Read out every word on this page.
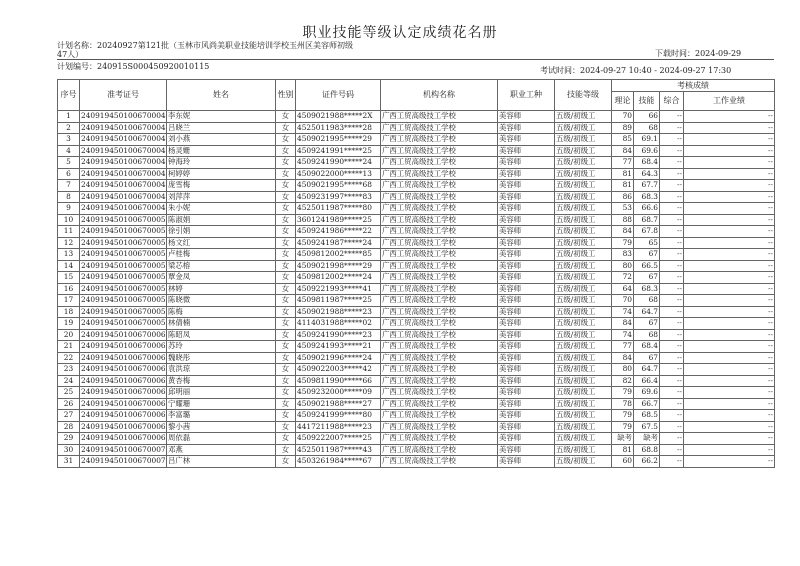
职业技能等级认定成绩花名册
计划名称：20240927第121批（玉林市风尚美职业技能培训学校玉州区美容师初级
47人）	下载时间：2024-09-29
计划编号：240915S000450920010115	考试时间：2024-09-27 10:40 - 2024-09-27 17:30
序号	准考证号	姓名	性别	证件号码	机构名称	职业工种	技能等级	考核成绩			
								理论	技能	综合	工作业绩
1	240919450100670004	李东妮	女	4509021988*****2X	广西工贸高级技工学校	美容师	五级/初级工	70	66	--	--
2	240919450100670004	吕晓兰	女	4525011983*****28	广西工贸高级技工学校	美容师	五级/初级工	89	68	--	--
3	240919450100670004	刘小燕	女	4509021995*****29	广西工贸高级技工学校	美容师	五级/初级工	85	69.1	--	--
4	240919450100670004	杨灵姗	女	4509241991*****25	广西工贸高级技工学校	美容师	五级/初级工	84	69.6	--	--
5	240919450100670004	钟海玲	女	4509241990*****24	广西工贸高级技工学校	美容师	五级/初级工	77	68.4	--	--
6	240919450100670004	柯婷婷	女	4509022000*****13	广西工贸高级技工学校	美容师	五级/初级工	81	64.3	--	--
7	240919450100670004	庞雪梅	女	4509021995*****68	广西工贸高级技工学校	美容师	五级/初级工	81	67.7	--	--
8	240919450100670004	刘萍萍	女	4509231997*****83	广西工贸高级技工学校	美容师	五级/初级工	86	68.3	--	--
9	240919450100670004	朱小妮	女	4525011987*****80	广西工贸高级技工学校	美容师	五级/初级工	53	66.6	--	--
10	240919450100670005	陈淑娟	女	3601241989*****25	广西工贸高级技工学校	美容师	五级/初级工	88	68.7	--	--
11	240919450100670005	徐引娟	女	4509241986*****22	广西工贸高级技工学校	美容师	五级/初级工	84	67.8	--	--
12	240919450100670005	杨文红	女	4509241987*****24	广西工贸高级技工学校	美容师	五级/初级工	79	65	--	--
13	240919450100670005	卢桂梅	女	4509812002*****85	广西工贸高级技工学校	美容师	五级/初级工	83	67	--	--
14	240919450100670005	梁芯榕	女	4509021998*****29	广西工贸高级技工学校	美容师	五级/初级工	80	66.5	--	--
15	240919450100670005	覃金凤	女	4509812002*****24	广西工贸高级技工学校	美容师	五级/初级工	72	67	--	--
16	240919450100670005	林婷	女	4509221993*****41	广西工贸高级技工学校	美容师	五级/初级工	64	68.3	--	--
17	240919450100670005	陈晓微	女	4509811987*****25	广西工贸高级技工学校	美容师	五级/初级工	70	68	--	--
18	240919450100670005	陈梅	女	4509021988*****23	广西工贸高级技工学校	美容师	五级/初级工	74	64.7	--	--
19	240919450100670005	林倩楠	女	4114031988*****02	广西工贸高级技工学校	美容师	五级/初级工	84	67	--	--
20	240919450100670006	陈昭凤	女	4509241990*****23	广西工贸高级技工学校	美容师	五级/初级工	74	68	--	--
21	240919450100670006	苏玲	女	4509241993*****21	广西工贸高级技工学校	美容师	五级/初级工	77	68.4	--	--
22	240919450100670006	魏晓彤	女	4509021996*****24	广西工贸高级技工学校	美容师	五级/初级工	84	67	--	--
23	240919450100670006	袁洪琼	女	4509022003*****42	广西工贸高级技工学校	美容师	五级/初级工	80	64.7	--	--
24	240919450100670006	黄杏梅	女	4509811990*****66	广西工贸高级技工学校	美容师	五级/初级工	82	66.4	--	--
25	240919450100670006	邱明丽	女	4509232000*****09	广西工贸高级技工学校	美容师	五级/初级工	79	69.6	--	--
26	240919450100670006	宁耀珊	女	4509021988*****27	广西工贸高级技工学校	美容师	五级/初级工	78	66.7	--	--
27	240919450100670006	李富璐	女	4509241999*****80	广西工贸高级技工学校	美容师	五级/初级工	79	68.5	--	--
28	240919450100670006	黎小茜	女	4417211988*****23	广西工贸高级技工学校	美容师	五级/初级工	79	67.5	--	--
29	240919450100670006	周依磊	女	4509222007*****25	广西工贸高级技工学校	美容师	五级/初级工	缺考	缺考	--	--
30	240919450100670007	邓燕	女	4525011987*****43	广西工贸高级技工学校	美容师	五级/初级工	81	68.8	--	--
31	240919450100670007	吕广林	女	4503261984*****67	广西工贸高级技工学校	美容师	五级/初级工	60	66.2	--	--
